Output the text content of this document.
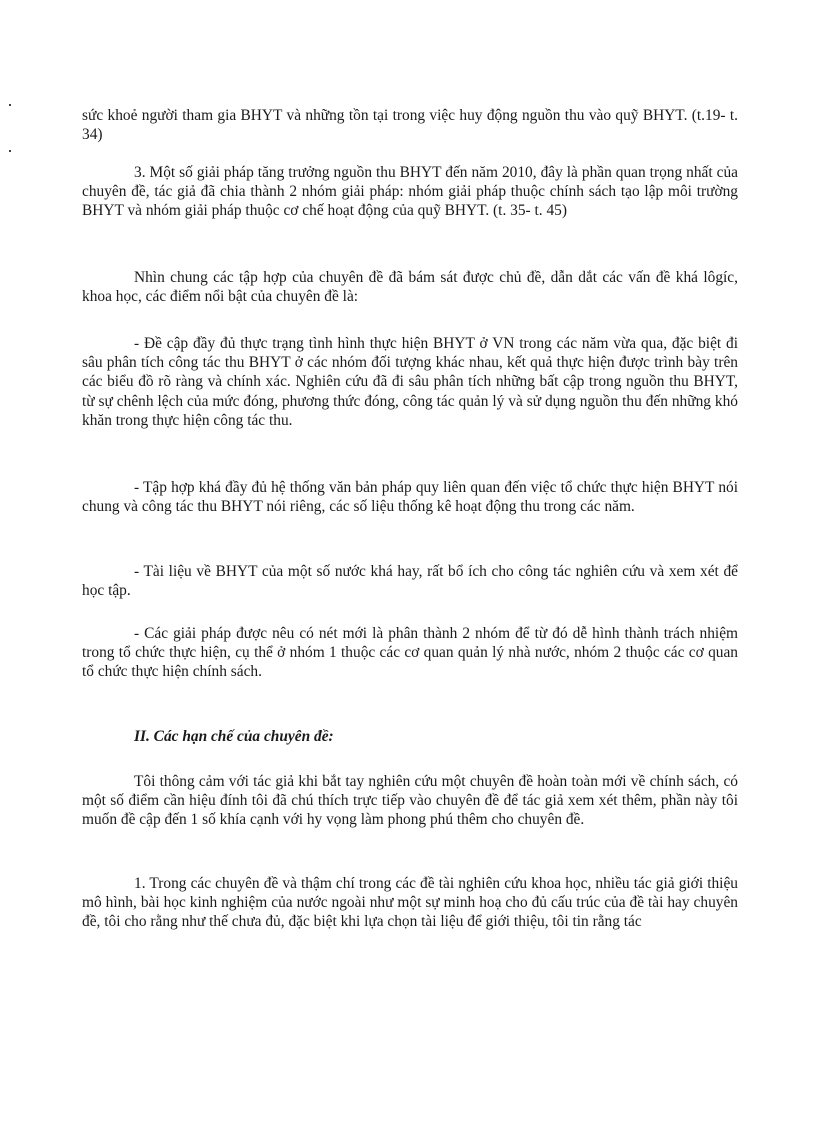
sức khoẻ người tham gia BHYT và những tồn tại trong việc huy động nguồn thu vào quỹ BHYT. (t.19- t. 34)

3. Một số giải pháp tăng trưởng nguồn thu BHYT đến năm 2010, đây là phần quan trọng nhất của chuyên đề, tác giả đã chia thành 2 nhóm giải pháp: nhóm giải pháp thuộc chính sách tạo lập môi trường BHYT và nhóm giải pháp thuộc cơ chế hoạt động của quỹ BHYT. (t. 35- t. 45)

Nhìn chung các tập hợp của chuyên đề đã bám sát được chủ đề, dẫn dắt các vấn đề khá lôgíc, khoa học, các điểm nổi bật của chuyên đề là:

- Đề cập đầy đủ thực trạng tình hình thực hiện BHYT ở VN trong các năm vừa qua, đặc biệt đi sâu phân tích công tác thu BHYT ở các nhóm đối tượng khác nhau, kết quả thực hiện được trình bày trên các biểu đồ rõ ràng và chính xác. Nghiên cứu đã đi sâu phân tích những bất cập trong nguồn thu BHYT, từ sự chênh lệch của mức đóng, phương thức đóng, công tác quản lý và sử dụng nguồn thu đến những khó khăn trong thực hiện công tác thu.

- Tập hợp khá đầy đủ hệ thống văn bản pháp quy liên quan đến việc tổ chức thực hiện BHYT nói chung và công tác thu BHYT nói riêng, các số liệu thống kê hoạt động thu trong các năm.

- Tài liệu về BHYT của một số nước khá hay, rất bổ ích cho công tác nghiên cứu và xem xét để học tập.

- Các giải pháp được nêu có nét mới là phân thành 2 nhóm để từ đó dễ hình thành trách nhiệm trong tổ chức thực hiện, cụ thể ở nhóm 1 thuộc các cơ quan quản lý nhà nước, nhóm 2 thuộc các cơ quan tổ chức thực hiện chính sách.

II. Các hạn chế của chuyên đề:

Tôi thông cảm với tác giả khi bắt tay nghiên cứu một chuyên đề hoàn toàn mới về chính sách, có một số điểm cần hiệu đính tôi đã chú thích trực tiếp vào chuyên đề để tác giả xem xét thêm, phần này tôi muốn đề cập đến 1 số khía cạnh với hy vọng làm phong phú thêm cho chuyên đề.

1. Trong các chuyên đề và thậm chí trong các đề tài nghiên cứu khoa học, nhiều tác giả giới thiệu mô hình, bài học kinh nghiệm của nước ngoài như một sự minh hoạ cho đủ cấu trúc của đề tài hay chuyên đề, tôi cho rằng như thế chưa đủ, đặc biệt khi lựa chọn tài liệu để giới thiệu, tôi tin rằng tác
